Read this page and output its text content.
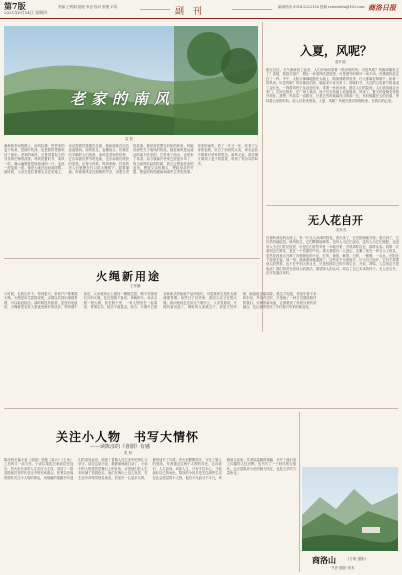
第7版
2021年6月24日 星期四
责编 王利娟 组版 李忠 校对 张俊 平均	副 刊	新闻热线 0914-2322156 投稿 renwenbu@163.com 商洛日报
老家的南风
袁 影
渐渐的乡间的路上，南风轻拂，把老家的麦子吹黄，把树叶吹绿，也把我的思绪吹回了童年。老家的南风，总是带着泥土的芬芳和庄稼的清香。每到初夏时节，南风一吹，满山遍野都是绿油油的一片，麦浪一波接着一波，像是大地在轻轻地呼吸。那时候，父亲总是扛着锄头走在田埂上，母亲提着竹篮跟在后面，我和妹妹在田边追逐嬉戏。南风吹过，麦穗低头，仿佛在向辛勤的人们致意。南风是老家的信使，它告诉我们季节的变换，也告诉我们收获的喜悦。记得小时候，每到傍晚，村里的老人们就聚在村口的大槐树下，摇着蒲扇，听着南风穿过树梢的声音，讲着古老的故事。我常常依偎在奶奶的怀里，听她讲那些关于南风的传说。她说南风是从遥远的南方吹来的，它带来了雨水，也带来了希望。如今我离开老家已经很多年了，每当南风吹起的时候，我总会想起老家的麦田，想起父亲的锄头，想起母亲的竹篮，想起奶奶的蒲扇和那些古老的故事。老家的南风，吹了一年又一年，吹老了父母的容颜，吹白了奶奶的头发，却永远吹不散我对老家的思念。南风又起，我仿佛又闻到了麦子的清香，听到了布谷鸟的叫声。
入夏，风呢？
慕升瑞
夏至过后，天气渐渐热了起来，人们开始盼望着一阵凉爽的风。可是风呢？风躲到哪里去了？清晨，我推开窗户，想让一丝清风吹进屋里，可是窗外的树叶一动不动，仿佛被热浪定住了一样。中午，太阳火辣辣地照在大地上，路面被晒得发烫，行人都躲在树荫下，盼着一阵风来。可是风呢？风好像也怕热，躲起来不肯出来了。傍晚时分，天边的云彩被夕阳染成了金红色，一阵微风终于从远处吹来，带着一丝丝凉意，拂过人们的脸庞。人们欢喜地走出家门，在河边散步，在广场上乘凉，孩子们在草地上追逐嬉戏。风来了，夏天的夜晚变得格外美好。我想，风其实一直都在，只是它有时候躲在山的那一边，有时候藏在云的后面，等待着合适的时机，给人们带来惊喜。入夏，风呢？风就在我们的期盼里，在我们的心里。
无人花自开
高东亮
在秦岭深处的山坡上，有一片无人问津的野花。春天来了，它们悄悄地开放；夏天到了，它们热烈地绽放；秋风吹过，它们默默地凋零。没有人为它们浇水，没有人为它们施肥，也没有人为它们驻足欣赏，可是它们依然年复一年地开着，开得那样自在，那样从容。我第一次看到这片野花，是在一个初夏的午后。那天我独自一人进山，走累了坐在一块石头上休息，忽然发现身边开满了各种颜色的小花，红的、黄的、紫的、白的，一簇簇，一丛丛，在阳光下摇曳生姿。那一刻，我被深深地震撼了。这些花不为谁而开，只为自己而开，它们不需要别人的赞美，也不在乎别人的目光，只是按照自己的节奏生长、开放、凋零。人生何尝不是如此？我们常常在意别人的看法，渴望别人的认可，却忘了自己本来的样子。无人花自开，花开花落自有时。
火绳新用途
王怀鹏
小时候，在我们乡下，每到夏天，家家户户都要搓火绳。火绳是用艾蒿搓成的，点燃以后冒出缕缕青烟，可以驱赶蚊虫。那时候没有蚊香，更没有电蚊拍，火绳就是农家人夏夜里最好的伙伴。每到端午前后，父亲就到山上割回一捆捆艾蒿，晒干后搓成长长的火绳，挂在屋檐下备用。傍晚时分，母亲点燃一根火绳，放在院子里，一家人围坐在一起乘凉，青烟袅袅，蚊虫不敢靠近。如今，火绳早已被各种新式的驱蚊产品所取代，可是我却总是怀念那缕缕青烟。前些日子回老家，看到父亲又在搓火绳，我问他现在还用这个做什么，父亲笑着说，火绳有新用途了，城里的人喜欢这个，说是天然环保，能驱蚊还能闻香。我这才知道，老祖宗留下来的东西，并没有过时，只是换了一种方式继续陪伴着我们。火绳的新用途，让我看到了传统与现代的融合，也让我感受到了乡村振兴带来的新变化。
关注小人物　书写大情怀
——读陈彦的《喜剧》有感
张 桥
陈彦的长篇小说《喜剧》是继《装台》《主角》之后的又一部力作。小说以秦腔丑角演员贺加贝、贺火炬兄弟的人生沉浮为主线，讲述了一群喜剧演员在时代变迁中的悲欢离合。作者以悲悯的情怀关注小人物的命运，用细腻的笔触书写他们的喜怒哀乐，展现了普通人在生活中的挣扎与坚守。读完这部小说，我被深深地打动了。小说中的人物虽然是舞台上的丑角，可是他们的人生却充满了悲剧色彩。他们在舞台上逗人发笑，在生活中却常常独自流泪。贺加贝一心追求名利，最终迷失了自我；贺火炬默默坚守，守住了做人的底线。作者通过这两个人物的对比，告诉我们：人生如戏，戏如人生，只有守住本心，才能演好自己的角色。陈彦的小说总是关注那些生活在社会底层的小人物，他们平凡而又不平凡，卑微而又高贵。作者用温暖的笔触，书写了他们身上闪耀的人性光辉，也书写了一个时代的大情怀。这正是陈彦小说的魅力所在，也是文学的力量所在。
商洛山	(方明 摄影)
·书法·摄影·美术·
